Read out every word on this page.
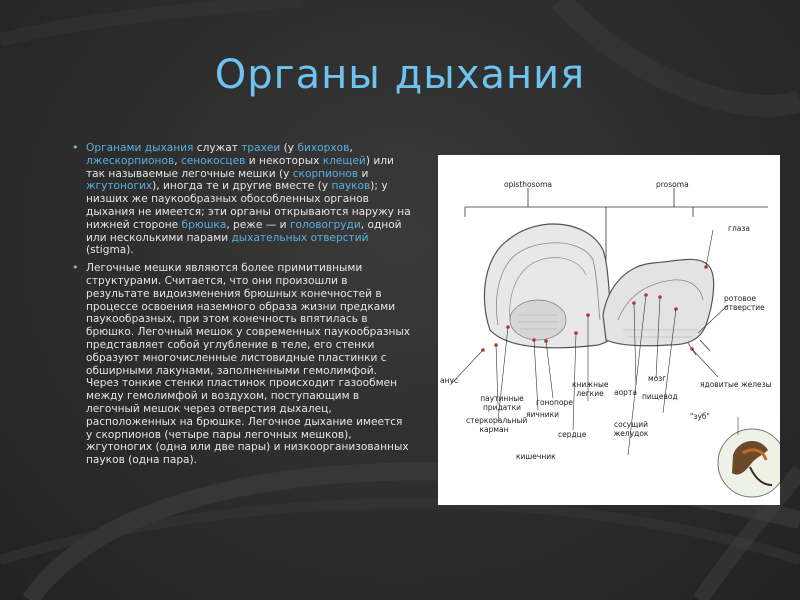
Органы дыхания
• Органами дыхания служат трахеи (у бихорхов, лжескорпионов, сенокосцев и некоторых клещей) или так называемые легочные мешки (у скорпионов и жгутоногих), иногда те и другие вместе (у пауков); у низших же паукообразных обособленных органов дыхания не имеется; эти органы открываются наружу на нижней стороне брюшка, реже — и головогруди, одной или несколькими парами дыхательных отверстий (stigma).
• Легочные мешки являются более примитивными структурами. Считается, что они произошли в результате видоизменения брюшных конечностей в процессе освоения наземного образа жизни предками паукообразных, при этом конечность впятилась в брюшко. Легочный мешок у современных паукообразных представляет собой углубление в теле, его стенки образуют многочисленные листовидные пластинки с обширными лакунами, заполненными гемолимфой. Через тонкие стенки пластинок происходит газообмен между гемолимфой и воздухом, поступающим в легочный мешок через отверстия дыхалец, расположенных на брюшке. Легочное дыхание имеется у скорпионов (четыре пары легочных мешков), жгутоногих (одна или две пары) и низкоорганизованных пауков (одна пара).
opisthosoma	prosoma
глаза
ротовое отверстие
анус
паутинные придатки
яичники
гонопоре
книжные легкие
стеркоральный карман
сердце
кишечник
аорта
мозг
пищевод
сосущий желудок
ядовитые железы
"зуб"
